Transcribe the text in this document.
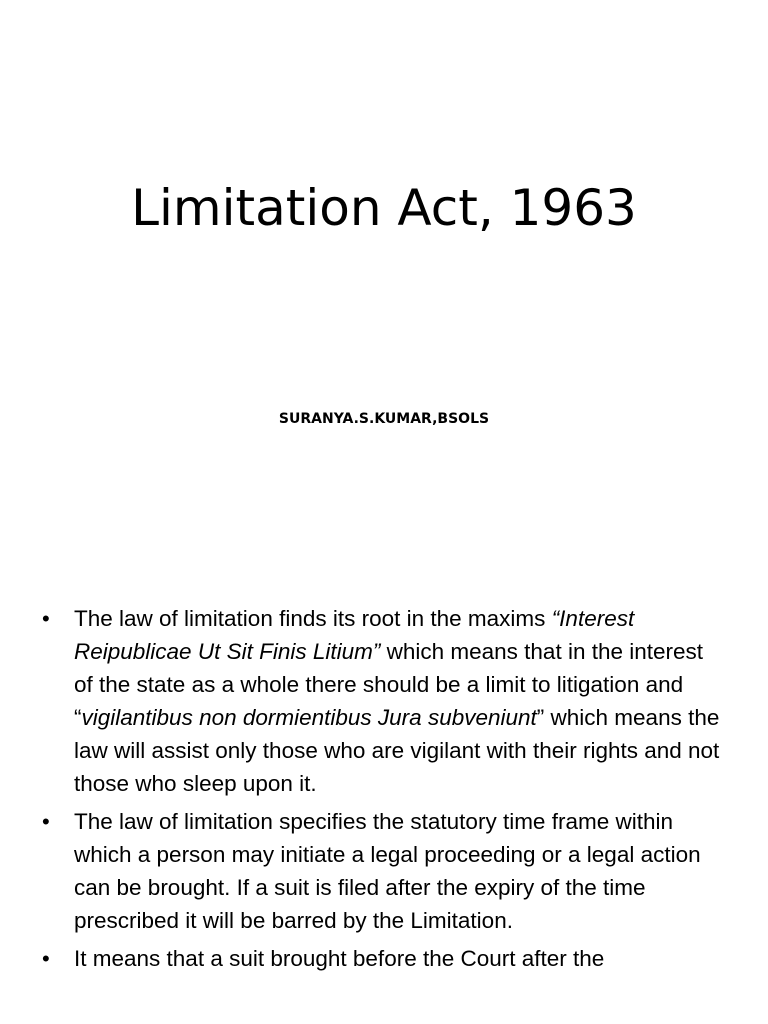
Limitation Act, 1963
SURANYA.S.KUMAR,BSOLS
• The law of limitation finds its root in the maxims “Interest Reipublicae Ut Sit Finis Litium” which means that in the interest of the state as a whole there should be a limit to litigation and “vigilantibus non dormientibus Jura subveniunt” which means the law will assist only those who are vigilant with their rights and not those who sleep upon it.
• The law of limitation specifies the statutory time frame within which a person may initiate a legal proceeding or a legal action can be brought. If a suit is filed after the expiry of the time prescribed it will be barred by the Limitation.
• It means that a suit brought before the Court after the
